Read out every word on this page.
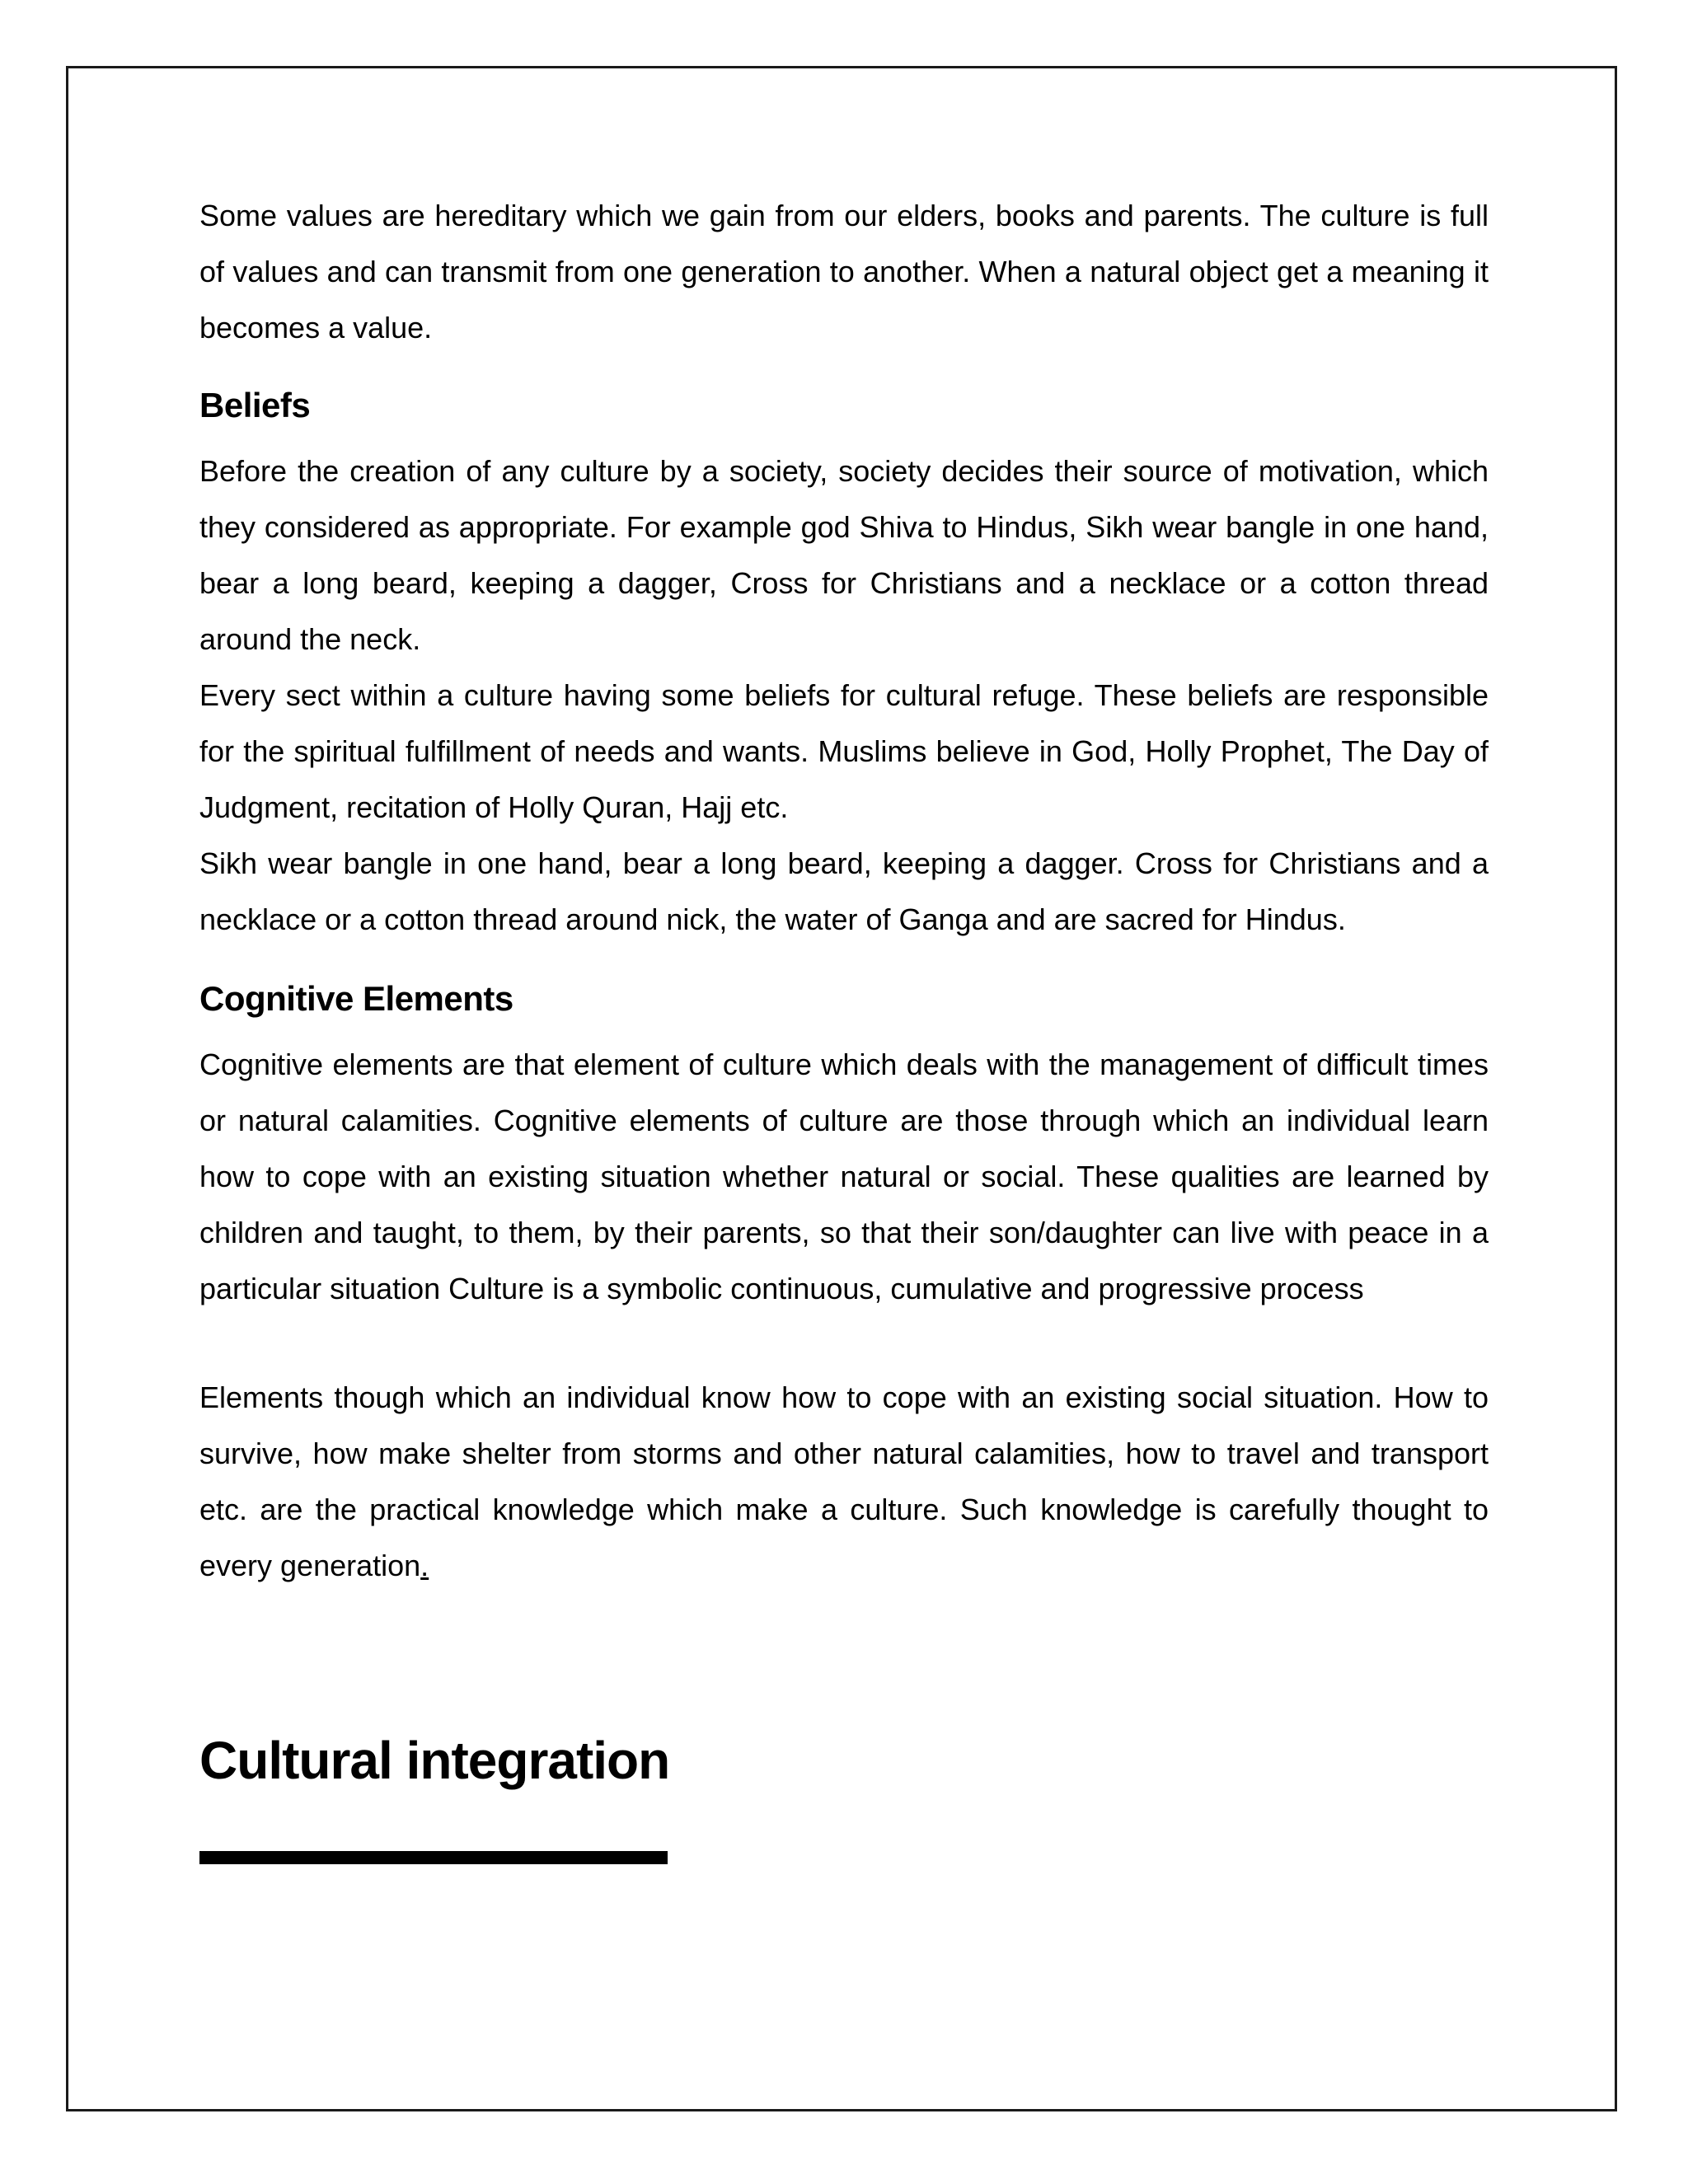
Some values are hereditary which we gain from our elders, books and parents. The culture is full of values and can transmit from one generation to another. When a natural object get a meaning it becomes a value.

Beliefs

Before the creation of any culture by a society, society decides their source of motivation, which they considered as appropriate. For example god Shiva to Hindus, Sikh wear bangle in one hand, bear a long beard, keeping a dagger, Cross for Christians and a necklace or a cotton thread around the neck.

Every sect within a culture having some beliefs for cultural refuge. These beliefs are responsible for the spiritual fulfillment of needs and wants. Muslims believe in God, Holly Prophet, The Day of Judgment, recitation of Holly Quran, Hajj etc.

Sikh wear bangle in one hand, bear a long beard, keeping a dagger. Cross for Christians and a necklace or a cotton thread around nick, the water of Ganga and are sacred for Hindus.

Cognitive Elements

Cognitive elements are that element of culture which deals with the management of difficult times or natural calamities. Cognitive elements of culture are those through which an individual learn how to cope with an existing situation whether natural or social. These qualities are learned by children and taught, to them, by their parents, so that their son/daughter can live with peace in a particular situation Culture is a symbolic continuous, cumulative and progressive process

Elements though which an individual know how to cope with an existing social situation. How to survive, how make shelter from storms and other natural calamities, how to travel and transport etc. are the practical knowledge which make a culture. Such knowledge is carefully thought to every generation.

Cultural integration
